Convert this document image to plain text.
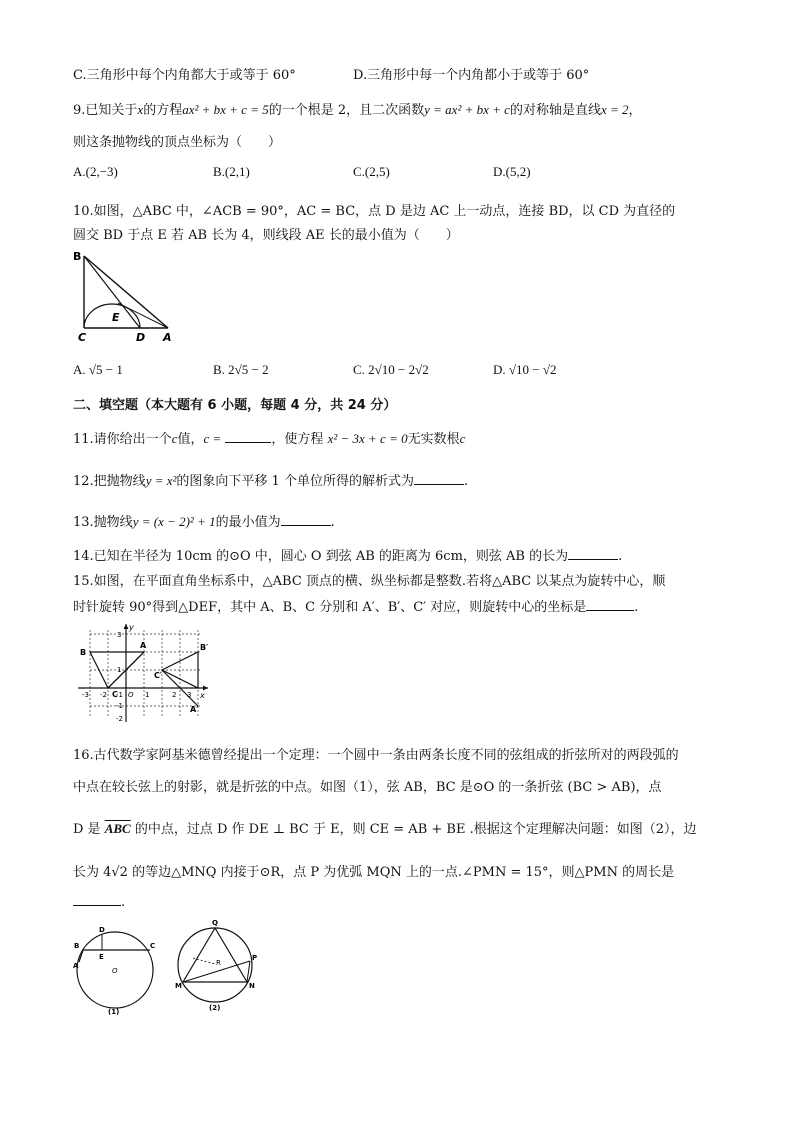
C.三角形中每个内角都大于或等于 60°	D.三角形中每一个内角都小于或等于 60°
9.已知关于x的方程ax² + bx + c = 5的一个根是 2，且二次函数y = ax² + bx + c的对称轴是直线x = 2，
则这条抛物线的顶点坐标为（　　）
A.(2,−3)	B.(2,1)	C.(2,5)	D.(5,2)
10.如图，△ABC 中，∠ACB = 90°，AC = BC，点 D 是边 AC 上一动点，连接 BD，以 CD 为直径的
圆交 BD 于点 E 若 AB 长为 4，则线段 AE 长的最小值为（　　）
B
E
C	D A
A. √5 − 1	B. 2√5 − 2	C. 2√10 − 2√2	D. √10 − √2
二、填空题（本大题有 6 小题，每题 4 分，共 24 分）
11.请你给出一个c值，c =	，使方程 x² − 3x + c = 0无实数根c
12.把抛物线y = x²的图象向下平移 1 个单位所得的解析式为	.
13.抛物线y = (x − 2)² + 1的最小值为	.
14.已知在半径为 10cm 的⊙O 中，圆心 O 到弦 AB 的距离为 6cm，则弦 AB 的长为	.
15.如图，在平面直角坐标系中，△ABC 顶点的横、纵坐标都是整数.若将△ABC 以某点为旋转中心，顺
时针旋转 90°得到△DEF，其中 A、B、C 分别和 A′、B′、C′ 对应，则旋转中心的坐标是	.
y
3
B
A	B′
1
C′
C
-3 -2 -1 O 1	2 3 x
A′
-1
-2
16.古代数学家阿基米德曾经提出一个定理：一个圆中一条由两条长度不同的弦组成的折弦所对的两段弧的
中点在较长弦上的射影，就是折弦的中点。如图（1），弦 AB，BC 是⊙O 的一条折弦 (BC > AB)，点
D 是 $\overline{ABC}$ 的中点，过点 D 作 DE ⊥ BC 于 E，则 CE = AB + BE .根据这个定理解决问题：如图（2），边
长为 4√2 的等边△MNQ 内接于⊙R，点 P 为优弧 MQN 上的一点.∠PMN = 15°，则△PMN 的周长是
.
D
B	C
E
A
O
(1)
Q
R
P
M	N
(2)
